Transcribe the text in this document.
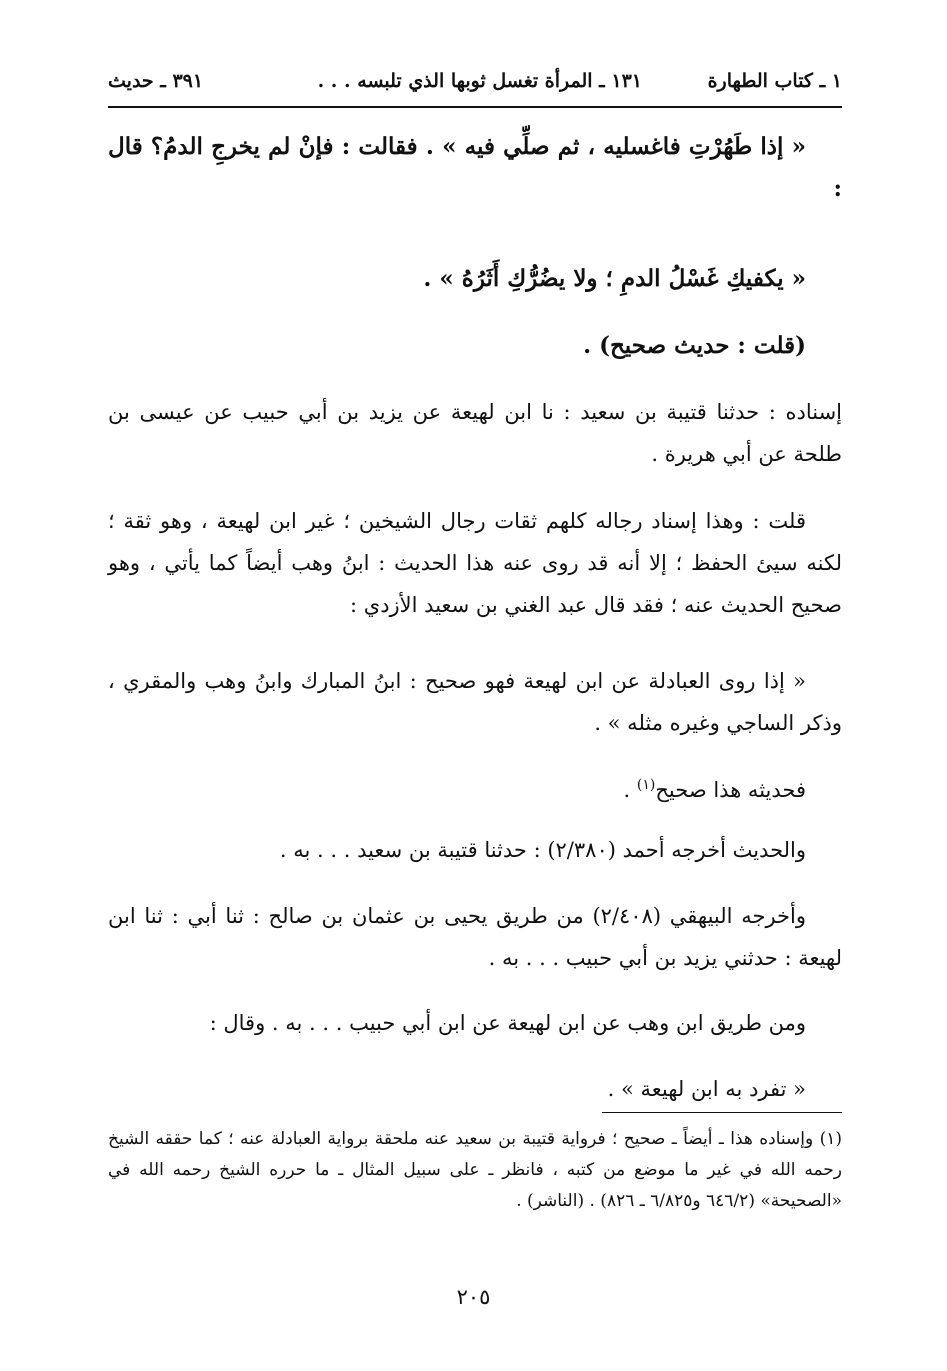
١ ـ كتاب الطهارة
١٣١ ـ المرأة تغسل ثوبها الذي تلبسه . . .
٣٩١ ـ حديث

« إذا طَهُرْتِ فاغسليه ، ثم صلِّي فيه » . فقالت : فإنْ لم يخرجِ الدمُ؟ قال :

« يكفيكِ غَسْلُ الدمِ ؛ ولا يضُرُّكِ أَثَرُهُ » .

(قلت : حديث صحيح) .

إسناده : حدثنا قتيبة بن سعيد : نا ابن لهيعة عن يزيد بن أبي حبيب عن عيسى بن طلحة عن أبي هريرة .

قلت : وهذا إسناد رجاله كلهم ثقات رجال الشيخين ؛ غير ابن لهيعة ، وهو ثقة ؛ لكنه سيئ الحفظ ؛ إلا أنه قد روى عنه هذا الحديث : ابنُ وهب أيضاً كما يأتي ، وهو صحيح الحديث عنه ؛ فقد قال عبد الغني بن سعيد الأزدي :

« إذا روى العبادلة عن ابن لهيعة فهو صحيح : ابنُ المبارك وابنُ وهب والمقري ، وذكر الساجي وغيره مثله » .

فحديثه هذا صحيح$^{(١)}$ .

والحديث أخرجه أحمد (٢/٣٨٠) : حدثنا قتيبة بن سعيد . . . به .

وأخرجه البيهقي (٢/٤٠٨) من طريق يحيى بن عثمان بن صالح : ثنا أبي : ثنا ابن لهيعة : حدثني يزيد بن أبي حبيب . . . به .

ومن طريق ابن وهب عن ابن لهيعة عن ابن أبي حبيب . . . به . وقال :

« تفرد به ابن لهيعة » .

(١) وإسناده هذا ـ أيضاً ـ صحيح ؛ فرواية قتيبة بن سعيد عنه ملحقة برواية العبادلة عنه ؛ كما حققه الشيخ رحمه الله في غير ما موضع من كتبه ، فانظر ـ على سبيل المثال ـ ما حرره الشيخ رحمه الله في «الصحيحة» (٦٤٦/٢ و٦/٨٢٥ ـ ٨٢٦) . (الناشر) .

٢٠٥
